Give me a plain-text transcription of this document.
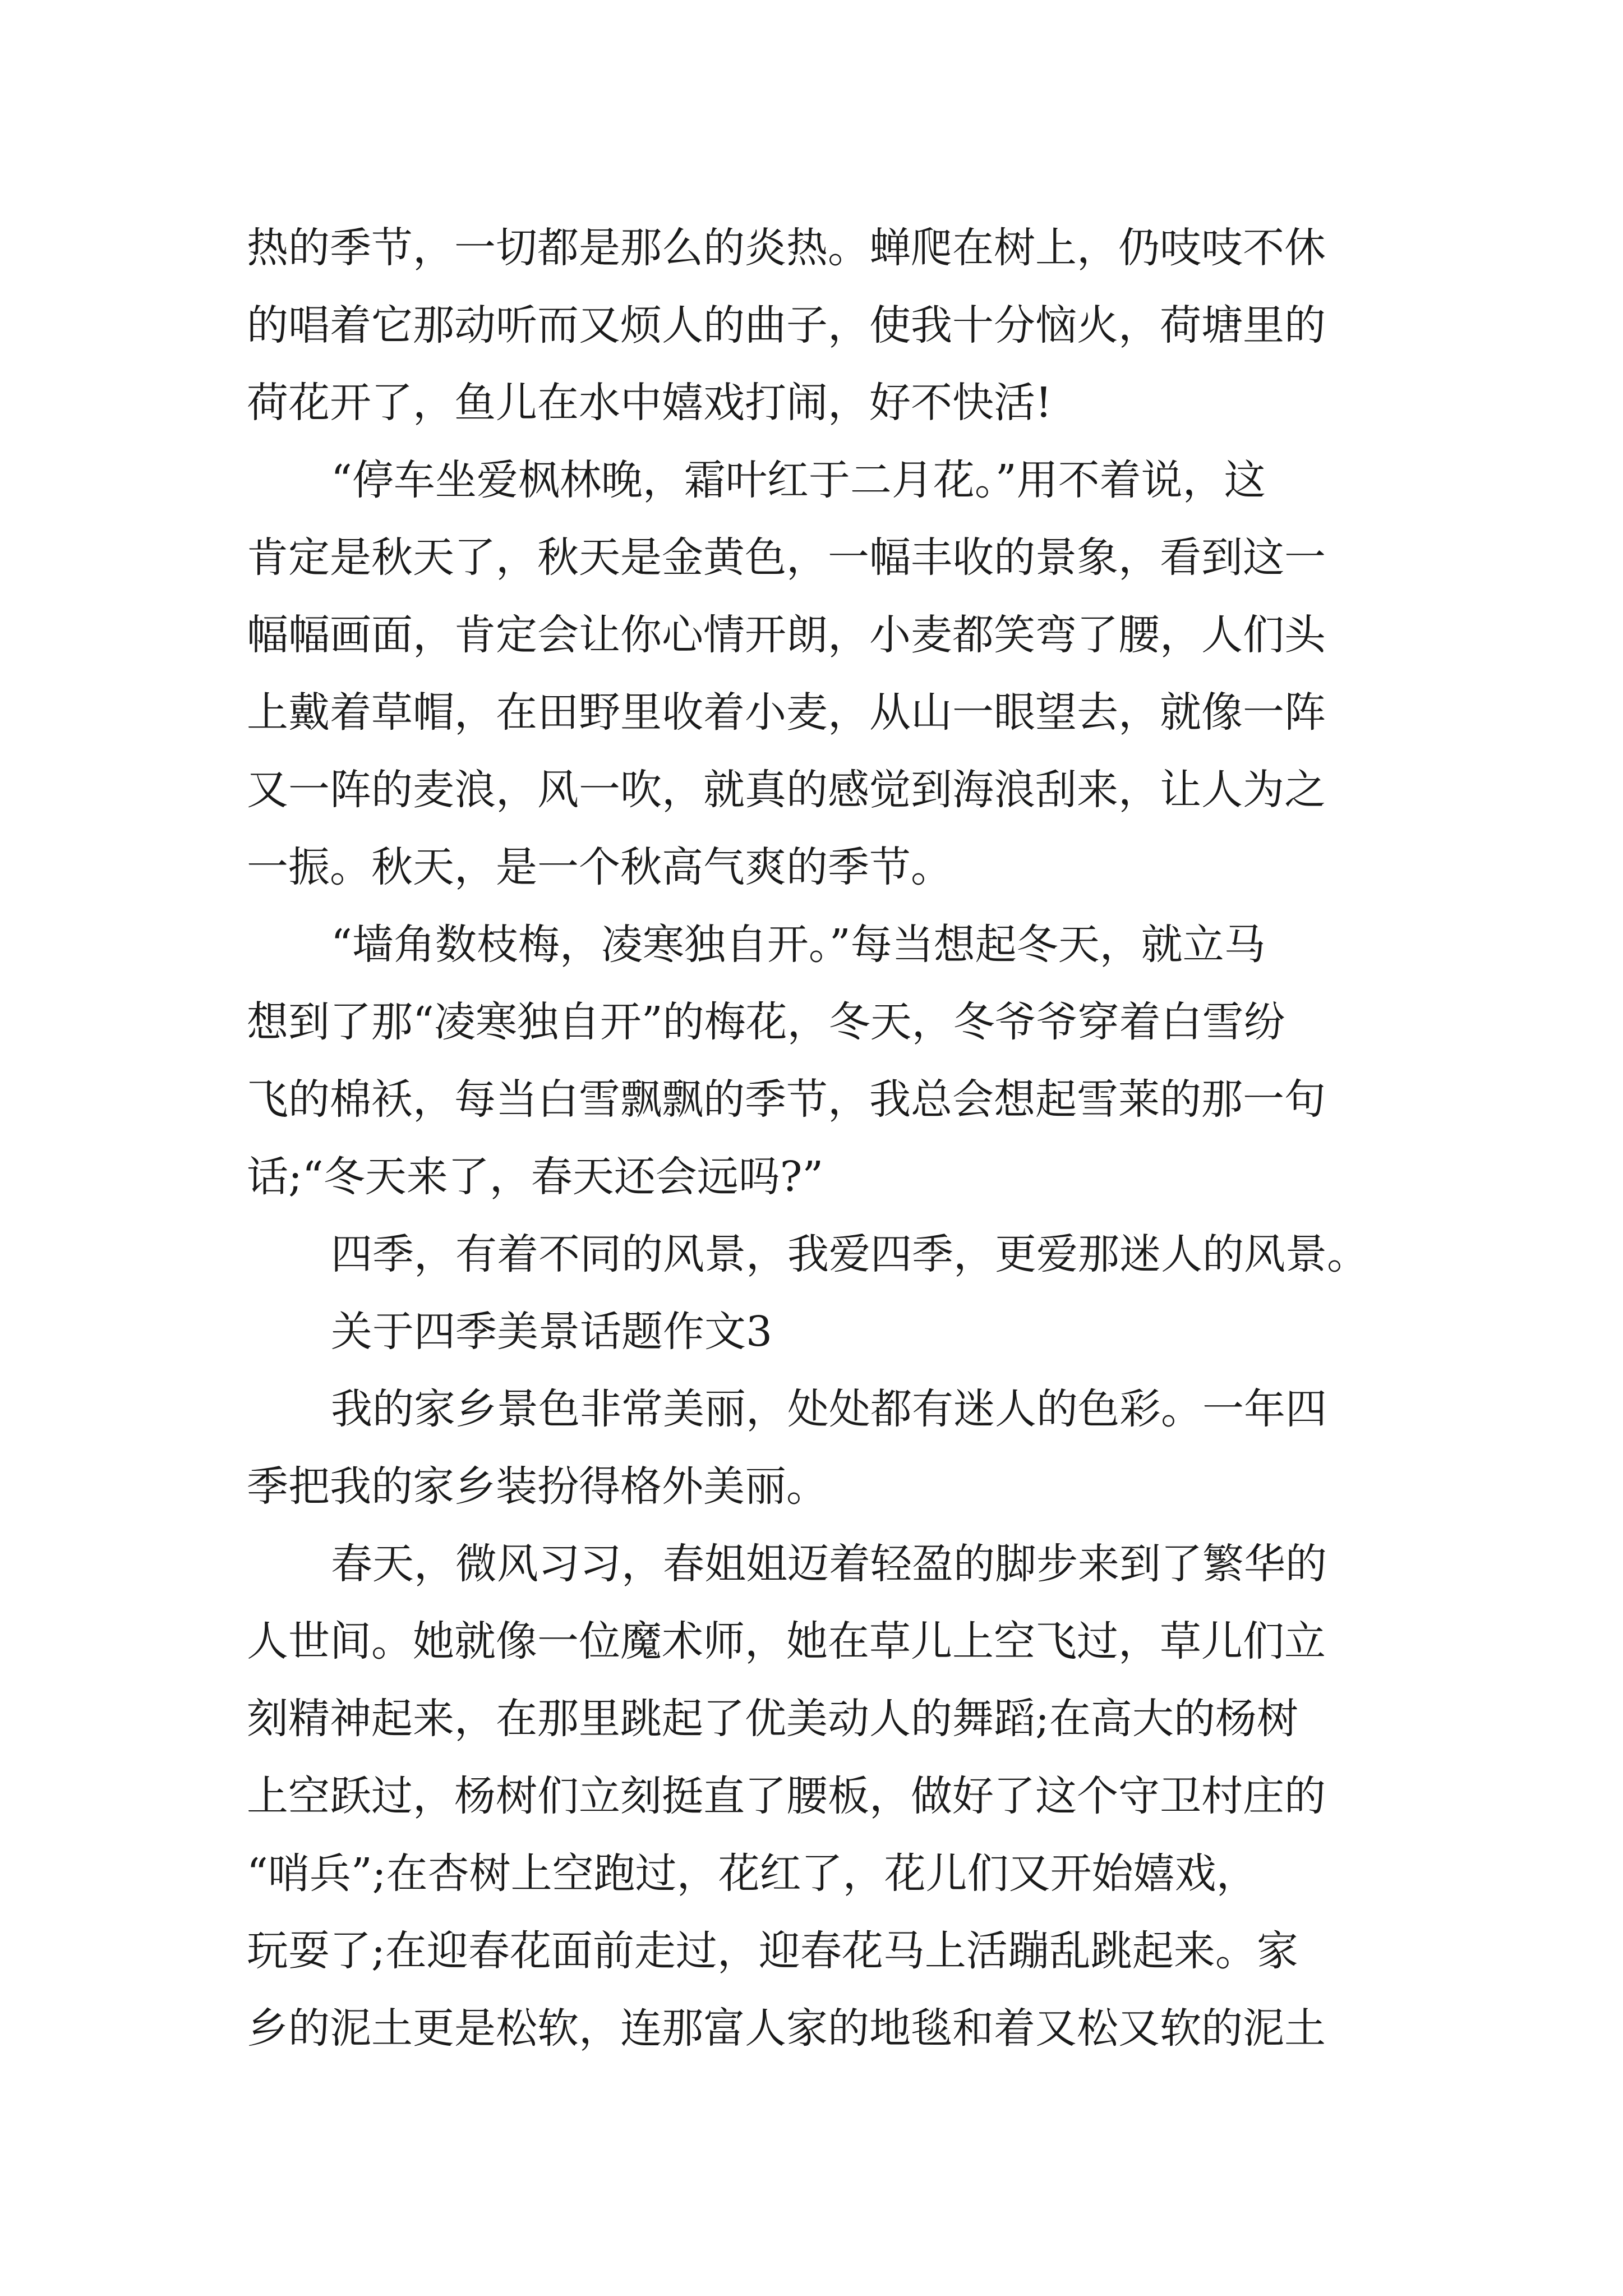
热的季节，一切都是那么的炎热。蝉爬在树上，仍吱吱不休
的唱着它那动听而又烦人的曲子，使我十分恼火，荷塘里的
荷花开了，鱼儿在水中嬉戏打闹，好不快活!
“停车坐爱枫林晚，霜叶红于二月花。”用不着说，这
肯定是秋天了，秋天是金黄色，一幅丰收的景象，看到这一
幅幅画面，肯定会让你心情开朗，小麦都笑弯了腰，人们头
上戴着草帽，在田野里收着小麦，从山一眼望去，就像一阵
又一阵的麦浪，风一吹，就真的感觉到海浪刮来，让人为之
一振。秋天，是一个秋高气爽的季节。
“墙角数枝梅，凌寒独自开。”每当想起冬天，就立马
想到了那“凌寒独自开”的梅花，冬天，冬爷爷穿着白雪纷
飞的棉袄，每当白雪飘飘的季节，我总会想起雪莱的那一句
话;“冬天来了，春天还会远吗?”
四季，有着不同的风景，我爱四季，更爱那迷人的风景。
关于四季美景话题作文3
我的家乡景色非常美丽，处处都有迷人的色彩。一年四
季把我的家乡装扮得格外美丽。
春天，微风习习，春姐姐迈着轻盈的脚步来到了繁华的
人世间。她就像一位魔术师，她在草儿上空飞过，草儿们立
刻精神起来，在那里跳起了优美动人的舞蹈;在高大的杨树
上空跃过，杨树们立刻挺直了腰板，做好了这个守卫村庄的
“哨兵”;在杏树上空跑过，花红了，花儿们又开始嬉戏，
玩耍了;在迎春花面前走过，迎春花马上活蹦乱跳起来。家
乡的泥土更是松软，连那富人家的地毯和着又松又软的泥土
